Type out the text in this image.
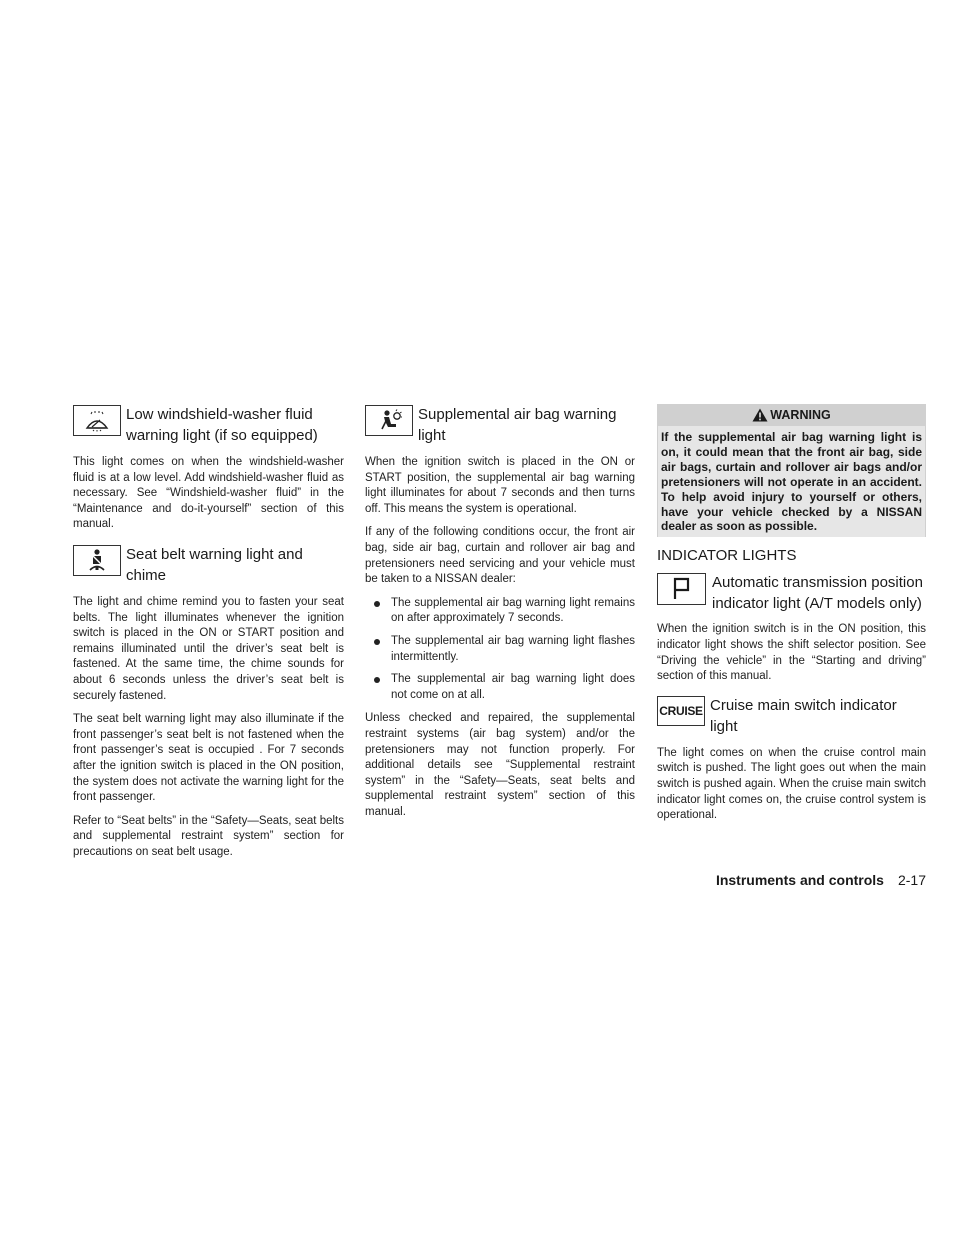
Low windshield-washer fluid warning light (if so equipped)

This light comes on when the windshield-washer fluid is at a low level. Add windshield-washer fluid as necessary. See “Windshield-washer fluid” in the “Maintenance and do-it-yourself” section of this manual.

Seat belt warning light and chime

The light and chime remind you to fasten your seat belts. The light illuminates whenever the ignition switch is placed in the ON or START position and remains illuminated until the driver’s seat belt is fastened. At the same time, the chime sounds for about 6 seconds unless the driver’s seat belt is securely fastened.

The seat belt warning light may also illuminate if the front passenger’s seat belt is not fastened when the front passenger’s seat is occupied . For 7 seconds after the ignition switch is placed in the ON position, the system does not activate the warning light for the front passenger.

Refer to “Seat belts” in the “Safety—Seats, seat belts and supplemental restraint system” section for precautions on seat belt usage.

Supplemental air bag warning light

When the ignition switch is placed in the ON or START position, the supplemental air bag warning light illuminates for about 7 seconds and then turns off. This means the system is operational.

If any of the following conditions occur, the front air bag, side air bag, curtain and rollover air bag and pretensioners need servicing and your vehicle must be taken to a NISSAN dealer:

The supplemental air bag warning light remains on after approximately 7 seconds.
The supplemental air bag warning light flashes intermittently.
The supplemental air bag warning light does not come on at all.

Unless checked and repaired, the supplemental restraint systems (air bag system) and/or the pretensioners may not function properly. For additional details see “Supplemental restraint system” in the “Safety—Seats, seat belts and supplemental restraint system” section of this manual.

WARNING
If the supplemental air bag warning light is on, it could mean that the front air bag, side air bags, curtain and rollover air bags and/or pretensioners will not operate in an accident. To help avoid injury to yourself or others, have your vehicle checked by a NISSAN dealer as soon as possible.
INDICATOR LIGHTS
Automatic transmission position indicator light (A/T models only)

When the ignition switch is in the ON position, this indicator light shows the shift selector position. See “Driving the vehicle” in the “Starting and driving” section of this manual.

CRUISE Cruise main switch indicator light

The light comes on when the cruise control main switch is pushed. The light goes out when the main switch is pushed again. When the cruise main switch indicator light comes on, the cruise control system is operational.

Instruments and controls 2-17
